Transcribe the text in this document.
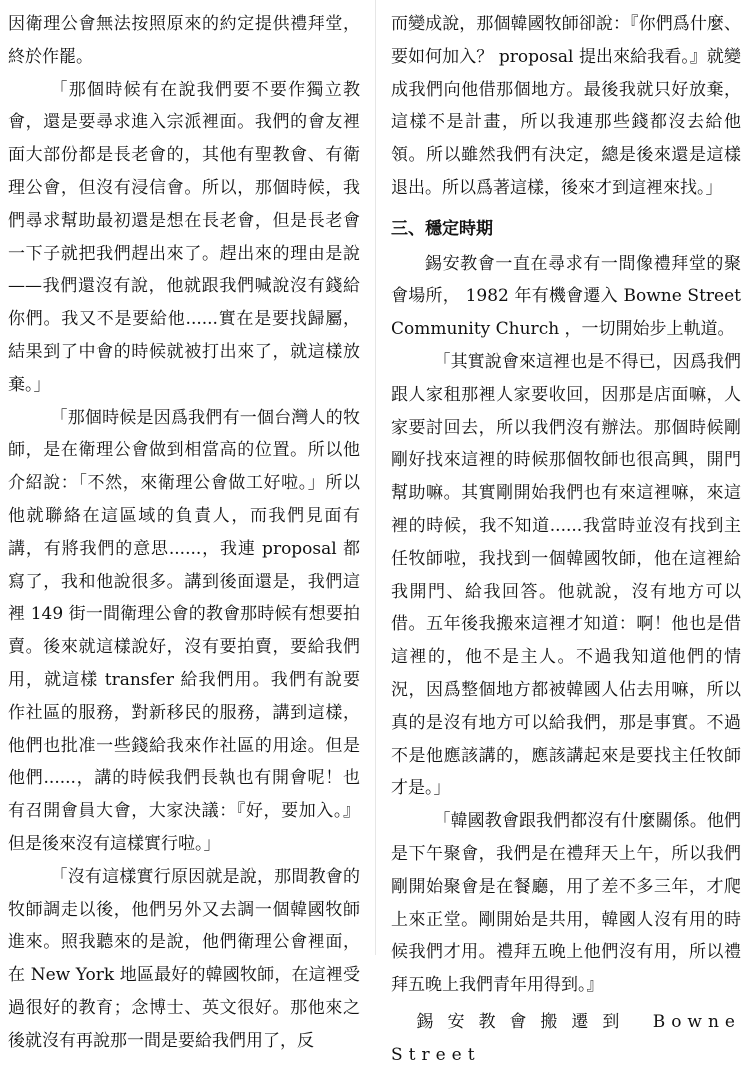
因衛理公會無法按照原來的約定提供禮拜堂，終於作罷。

「那個時候有在說我們要不要作獨立教會，還是要尋求進入宗派裡面。我們的會友裡面大部份都是長老會的，其他有聖教會、有衛理公會，但沒有浸信會。所以，那個時候，我們尋求幫助最初還是想在長老會，但是長老會一下子就把我們趕出來了。趕出來的理由是說——我們還沒有說，他就跟我們喊說沒有錢給你們。我又不是要給他......實在是要找歸屬，結果到了中會的時候就被打出來了，就這樣放棄。」

「那個時候是因爲我們有一個台灣人的牧師，是在衛理公會做到相當高的位置。所以他介紹說：「不然，來衛理公會做工好啦。」所以他就聯絡在這區域的負責人，而我們見面有講，有將我們的意思......，我連 proposal 都寫了，我和他說很多。講到後面還是，我們這裡 149 街一間衛理公會的教會那時候有想要拍賣。後來就這樣說好，沒有要拍賣，要給我們用，就這樣 transfer 給我們用。我們有說要作社區的服務，對新移民的服務，講到這樣，他們也批准一些錢給我來作社區的用途。但是他們......，講的時候我們長執也有開會呢！也有召開會員大會，大家決議：『好，要加入。』但是後來沒有這樣實行啦。」

「沒有這樣實行原因就是說，那間教會的牧師調走以後，他們另外又去調一個韓國牧師進來。照我聽來的是說，他們衛理公會裡面，在 New York 地區最好的韓國牧師，在這裡受過很好的教育；念博士、英文很好。那他來之後就沒有再說那一間是要給我們用了，反

而變成說，那個韓國牧師卻說：『你們爲什麼、要如何加入？ proposal 提出來給我看。』就變成我們向他借那個地方。最後我就只好放棄，這樣不是計畫，所以我連那些錢都沒去給他領。所以雖然我們有決定，總是後來還是這樣退出。所以爲著這樣，後來才到這裡來找。」

三、穩定時期

錫安教會一直在尋求有一間像禮拜堂的聚會場所， 1982 年有機會遷入 Bowne Street Community Church ，一切開始步上軌道。

「其實說會來這裡也是不得已，因爲我們跟人家租那裡人家要收回，因那是店面嘛，人家要討回去，所以我們沒有辦法。那個時候剛剛好找來這裡的時候那個牧師也很高興，開門幫助嘛。其實剛開始我們也有來這裡嘛，來這裡的時候，我不知道......我當時並沒有找到主任牧師啦，我找到一個韓國牧師，他在這裡給我開門、給我回答。他就說，沒有地方可以借。五年後我搬來這裡才知道：啊！他也是借這裡的，他不是主人。不過我知道他們的情況，因爲整個地方都被韓國人佔去用嘛，所以真的是沒有地方可以給我們，那是事實。不過不是他應該講的，應該講起來是要找主任牧師才是。」

「韓國教會跟我們都沒有什麼關係。他們是下午聚會，我們是在禮拜天上午，所以我們剛開始聚會是在餐廳，用了差不多三年，才爬上來正堂。剛開始是共用，韓國人沒有用的時候我們才用。禮拜五晚上他們沒有用，所以禮拜五晚上我們青年用得到。』

錫安教會搬遷到 Bowne Street
